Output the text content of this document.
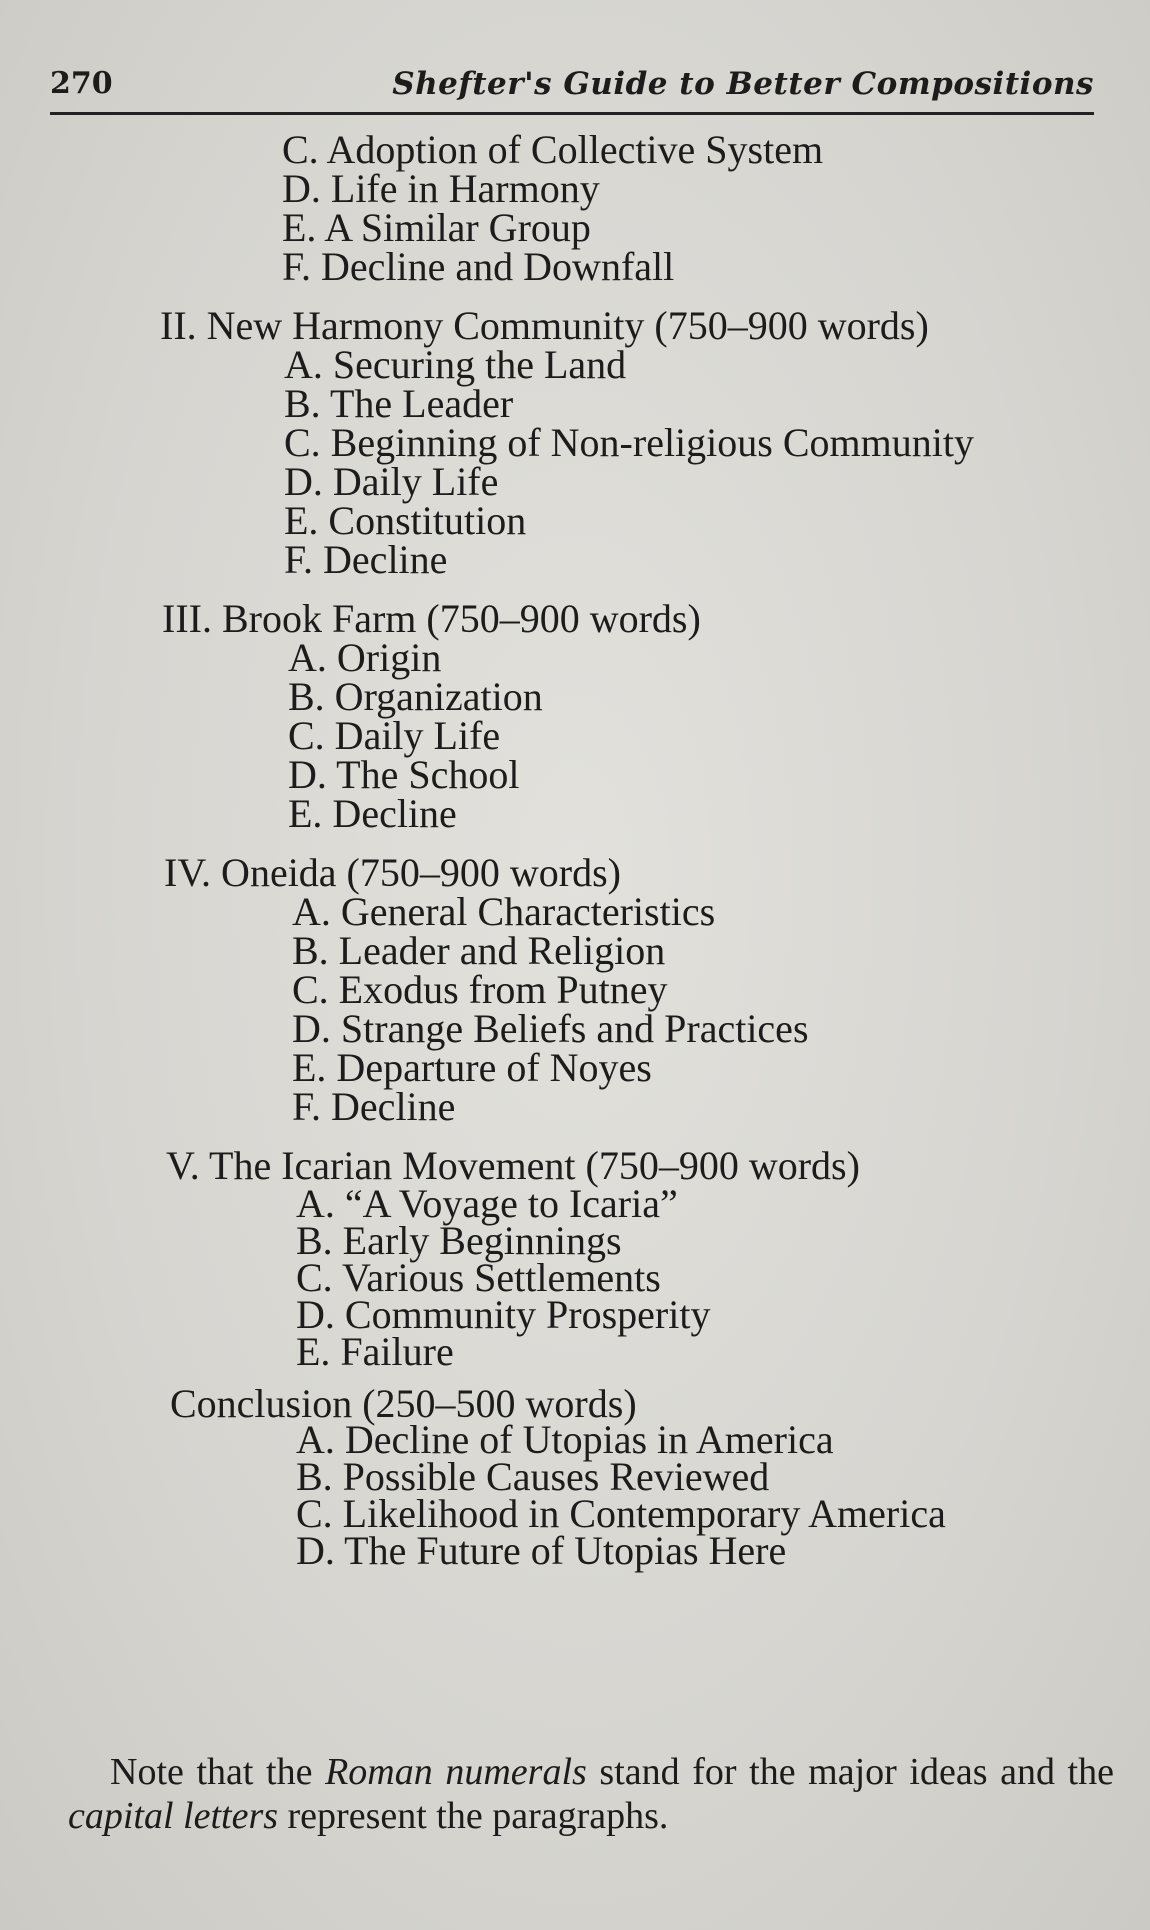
270	Shefter's Guide to Better Compositions
C. Adoption of Collective System
D. Life in Harmony
E. A Similar Group
F. Decline and Downfall
II. New Harmony Community (750–900 words)
A. Securing the Land
B. The Leader
C. Beginning of Non-religious Community
D. Daily Life
E. Constitution
F. Decline
III. Brook Farm (750–900 words)
A. Origin
B. Organization
C. Daily Life
D. The School
E. Decline
IV. Oneida (750–900 words)
A. General Characteristics
B. Leader and Religion
C. Exodus from Putney
D. Strange Beliefs and Practices
E. Departure of Noyes
F. Decline
V. The Icarian Movement (750–900 words)
A. “A Voyage to Icaria”
B. Early Beginnings
C. Various Settlements
D. Community Prosperity
E. Failure
Conclusion (250–500 words)
A. Decline of Utopias in America
B. Possible Causes Reviewed
C. Likelihood in Contemporary America
D. The Future of Utopias Here

Note that the Roman numerals stand for the major ideas and the capital letters represent the paragraphs.
